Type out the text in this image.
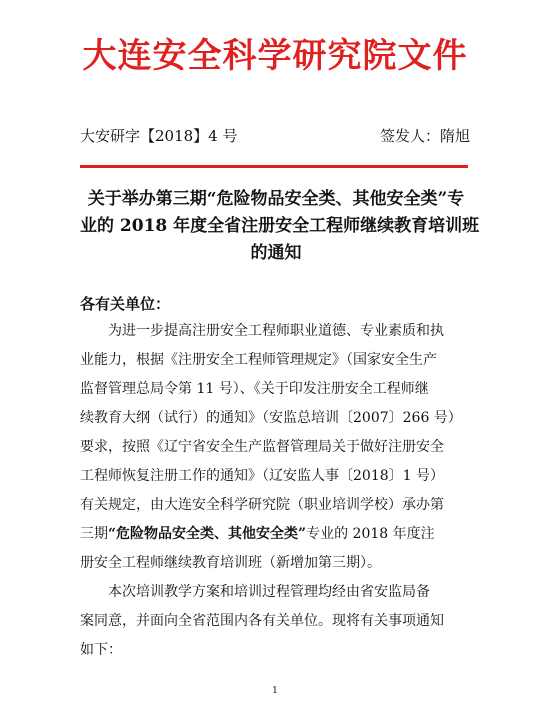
大连安全科学研究院文件
大安研字【2018】4 号	签发人：隋旭
关于举办第三期“危险物品安全类、其他安全类”专
业的 2018 年度全省注册安全工程师继续教育培训班
的通知
各有关单位：
　　为进一步提高注册安全工程师职业道德、专业素质和执
业能力，根据《注册安全工程师管理规定》（国家安全生产
监督管理总局令第 11 号）、《关于印发注册安全工程师继
续教育大纲（试行）的通知》（安监总培训〔2007〕266 号）
要求，按照《辽宁省安全生产监督管理局关于做好注册安全
工程师恢复注册工作的通知》（辽安监人事〔2018〕1 号）
有关规定，由大连安全科学研究院（职业培训学校）承办第
三期“危险物品安全类、其他安全类”专业的 2018 年度注
册安全工程师继续教育培训班（新增加第三期）。
　　本次培训教学方案和培训过程管理均经由省安监局备
案同意，并面向全省范围内各有关单位。现将有关事项通知
如下：
1
